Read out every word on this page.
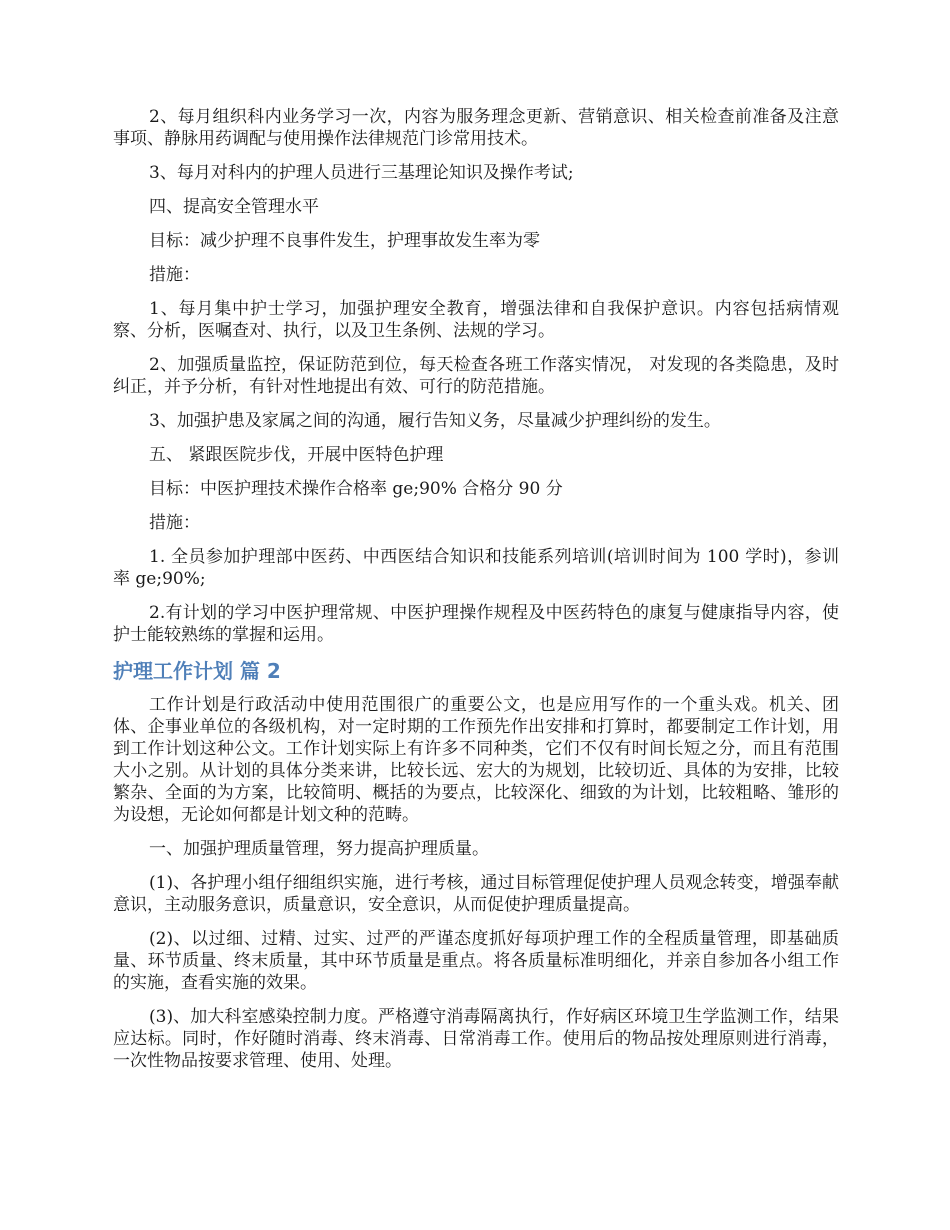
2、每月组织科内业务学习一次，内容为服务理念更新、营销意识、相关检查前准备及注意事项、静脉用药调配与使用操作法律规范门诊常用技术。

3、每月对科内的护理人员进行三基理论知识及操作考试;

四、提高安全管理水平

目标：减少护理不良事件发生，护理事故发生率为零

措施：

1、每月集中护士学习，加强护理安全教育，增强法律和自我保护意识。内容包括病情观察、分析，医嘱查对、执行，以及卫生条例、法规的学习。

2、加强质量监控，保证防范到位，每天检查各班工作落实情况， 对发现的各类隐患，及时纠正，并予分析，有针对性地提出有效、可行的防范措施。

3、加强护患及家属之间的沟通，履行告知义务，尽量减少护理纠纷的发生。

五、 紧跟医院步伐，开展中医特色护理

目标：中医护理技术操作合格率 ge;90% 合格分 90 分

措施：

1. 全员参加护理部中医药、中西医结合知识和技能系列培训(培训时间为 100 学时)，参训率 ge;90%;

2.有计划的学习中医护理常规、中医护理操作规程及中医药特色的康复与健康指导内容，使护士能较熟练的掌握和运用。

护理工作计划 篇 2

工作计划是行政活动中使用范围很广的重要公文，也是应用写作的一个重头戏。机关、团体、企事业单位的各级机构，对一定时期的工作预先作出安排和打算时，都要制定工作计划，用到工作计划这种公文。工作计划实际上有许多不同种类，它们不仅有时间长短之分，而且有范围大小之别。从计划的具体分类来讲，比较长远、宏大的为规划，比较切近、具体的为安排，比较繁杂、全面的为方案，比较简明、概括的为要点，比较深化、细致的为计划，比较粗略、雏形的为设想，无论如何都是计划文种的范畴。

一、加强护理质量管理，努力提高护理质量。

(1)、各护理小组仔细组织实施，进行考核，通过目标管理促使护理人员观念转变，增强奉献意识，主动服务意识，质量意识，安全意识，从而促使护理质量提高。

(2)、以过细、过精、过实、过严的严谨态度抓好每项护理工作的全程质量管理，即基础质量、环节质量、终末质量，其中环节质量是重点。将各质量标准明细化，并亲自参加各小组工作的实施，查看实施的效果。

(3)、加大科室感染控制力度。严格遵守消毒隔离执行，作好病区环境卫生学监测工作，结果应达标。同时，作好随时消毒、终末消毒、日常消毒工作。使用后的物品按处理原则进行消毒，一次性物品按要求管理、使用、处理。
